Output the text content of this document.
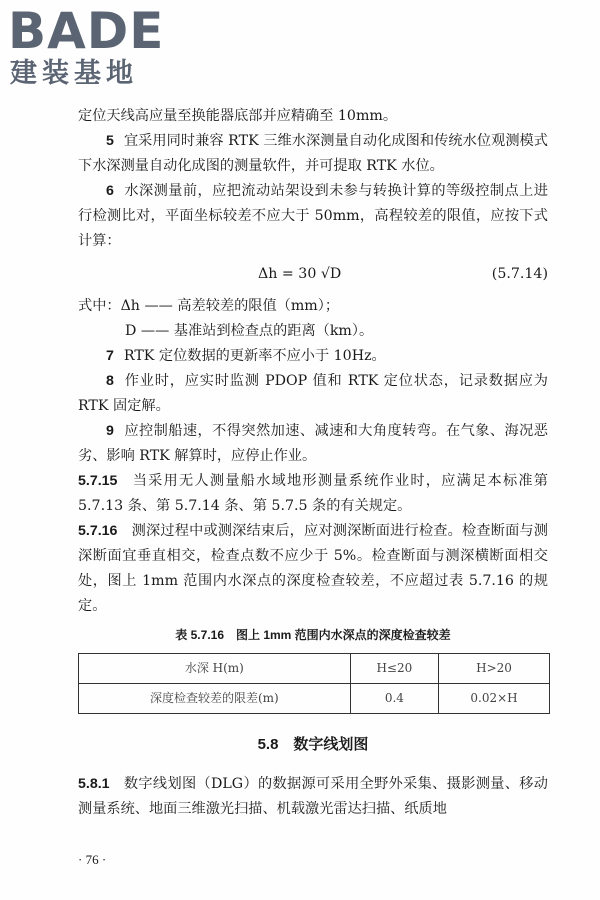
BADE
建装基地

定位天线高应量至换能器底部并应精确至 10mm。

5 宜采用同时兼容 RTK 三维水深测量自动化成图和传统水位观测模式下水深测量自动化成图的测量软件，并可提取 RTK 水位。

6 水深测量前，应把流动站架设到未参与转换计算的等级控制点上进行检测比对，平面坐标较差不应大于 50mm，高程较差的限值，应按下式计算：

Δh = 30 √D	(5.7.14)

式中：Δh —— 高差较差的限值（mm）；

D —— 基准站到检查点的距离（km）。

7 RTK 定位数据的更新率不应小于 10Hz。

8 作业时，应实时监测 PDOP 值和 RTK 定位状态，记录数据应为 RTK 固定解。

9 应控制船速，不得突然加速、减速和大角度转弯。在气象、海况恶劣、影响 RTK 解算时，应停止作业。

5.7.15 当采用无人测量船水域地形测量系统作业时，应满足本标准第 5.7.13 条、第 5.7.14 条、第 5.7.5 条的有关规定。

5.7.16 测深过程中或测深结束后，应对测深断面进行检查。检查断面与测深断面宜垂直相交，检查点数不应少于 5%。检查断面与测深横断面相交处，图上 1mm 范围内水深点的深度检查较差，不应超过表 5.7.16 的规定。

表 5.7.16　图上 1mm 范围内水深点的深度检查较差
水深 H(m)	H≤20	H>20
深度检查较差的限差(m)	0.4	0.02×H
5.8　数字线划图

5.8.1 数字线划图（DLG）的数据源可采用全野外采集、摄影测量、移动测量系统、地面三维激光扫描、机载激光雷达扫描、纸质地

· 76 ·
